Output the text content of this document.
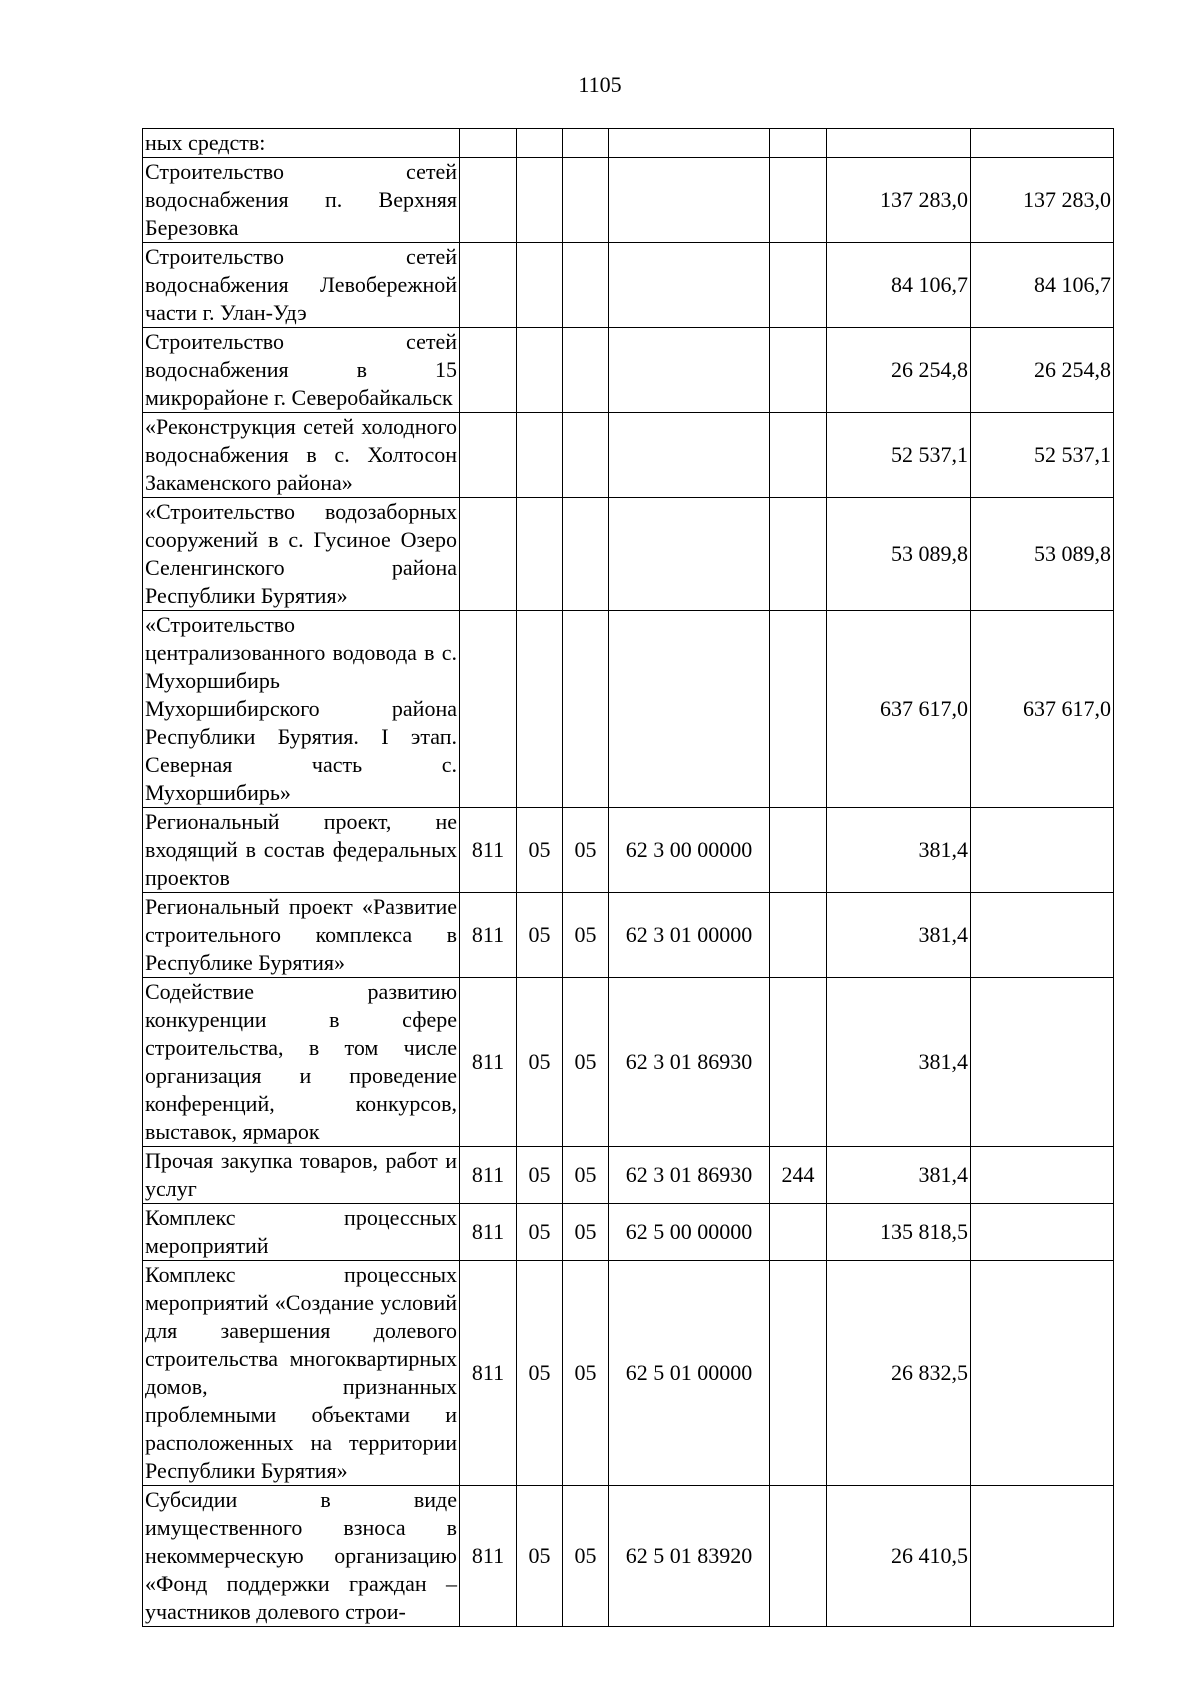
1105
ных средств:							
Строительство сетей водоснабжения п. Верхняя Березовка						137 283,0	137 283,0
Строительство сетей водоснабжения Левобережной части г. Улан-Удэ						84 106,7	84 106,7
Строительство сетей водоснабжения в 15 микрорайоне г. Северобайкальск						26 254,8	26 254,8
«Реконструкция сетей холодного водоснабжения в с. Холтосон Закаменского района»						52 537,1	52 537,1
«Строительство водозаборных сооружений в с. Гусиное Озеро Селенгинского района Республики Бурятия»						53 089,8	53 089,8
«Строительство централизованного водовода в с. Мухоршибирь Мухоршибирского района Республики Бурятия. I этап. Северная часть с. Мухоршибирь»						637 617,0	637 617,0
Региональный проект, не входящий в состав федеральных проектов	811	05	05	62 3 00 00000		381,4	
Региональный проект «Развитие строительного комплекса в Республике Бурятия»	811	05	05	62 3 01 00000		381,4	
Содействие развитию конкуренции в сфере строительства, в том числе организация и проведение конференций, конкурсов, выставок, ярмарок	811	05	05	62 3 01 86930		381,4	
Прочая закупка товаров, работ и услуг	811	05	05	62 3 01 86930	244	381,4	
Комплекс процессных мероприятий	811	05	05	62 5 00 00000		135 818,5	
Комплекс процессных мероприятий «Создание условий для завершения долевого строительства многоквартирных домов, признанных проблемными объектами и расположенных на территории Республики Бурятия»	811	05	05	62 5 01 00000		26 832,5	
Субсидии в виде имущественного взноса в некоммерческую организацию «Фонд поддержки граждан – участников долевого строи-	811	05	05	62 5 01 83920		26 410,5	
